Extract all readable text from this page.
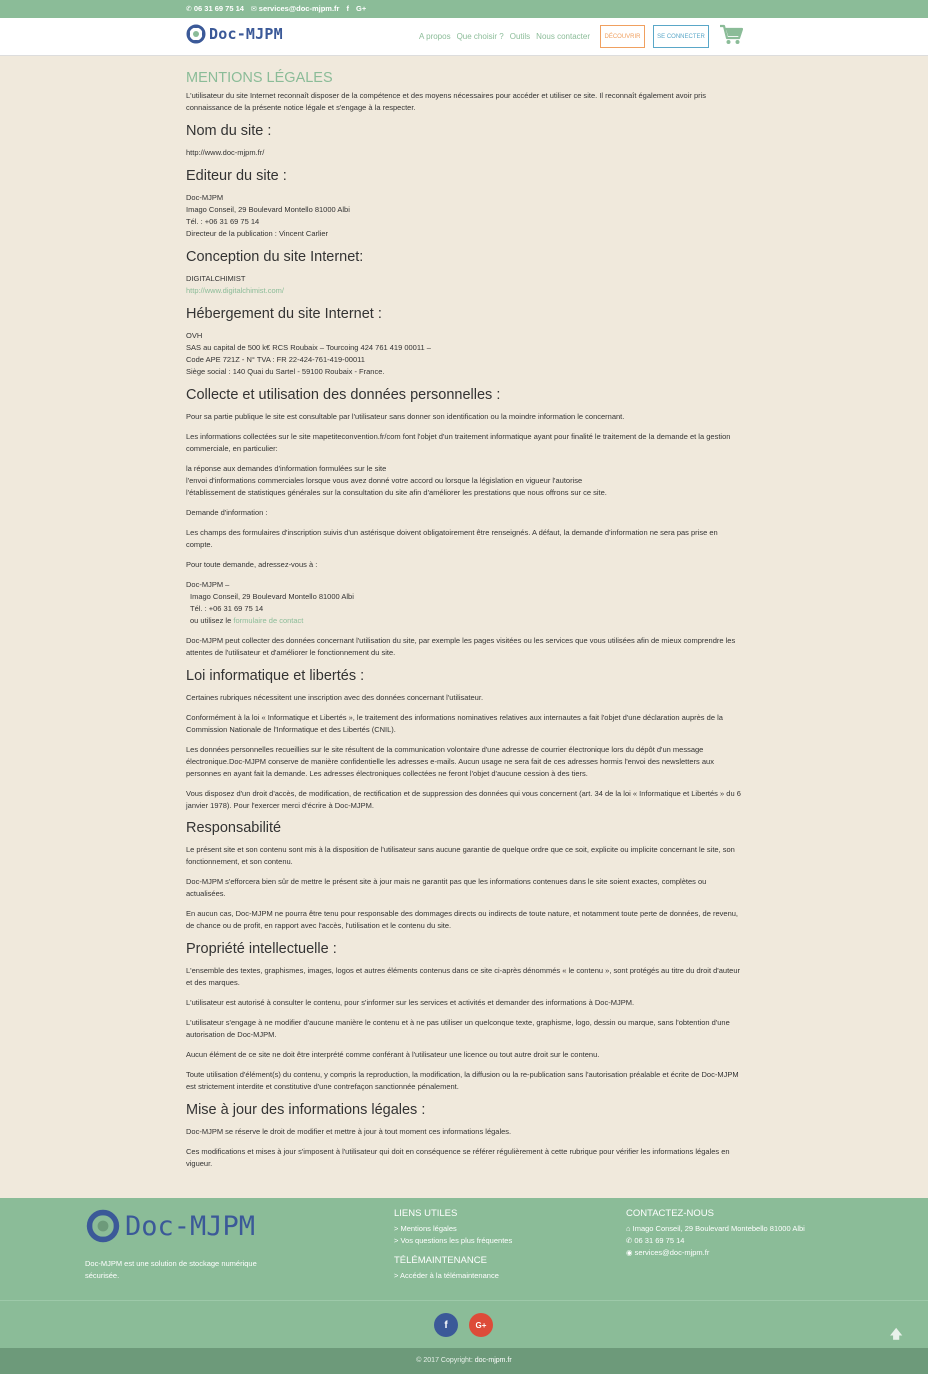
✆ 06 31 69 75 14 ✉ services@doc-mjpm.fr f G+
Doc-MJPM	A propos Que choisir ? Outils Nous contacter	DÉCOUVRIR	SE CONNECTER
MENTIONS LÉGALES

L'utilisateur du site Internet reconnaît disposer de la compétence et des moyens nécessaires pour accéder et utiliser ce site. Il reconnaît également avoir pris connaissance de la présente notice légale et s'engage à la respecter.

Nom du site :

http://www.doc-mjpm.fr/

Editeur du site :
Doc-MJPM
Imago Conseil, 29 Boulevard Montello 81000 Albi
Tél. : +06 31 69 75 14
Directeur de la publication : Vincent Carlier
Conception du site Internet:
DIGITALCHIMIST
http://www.digitalchimist.com/
Hébergement du site Internet :
OVH
SAS au capital de 500 k€ RCS Roubaix – Tourcoing 424 761 419 00011 –
Code APE 721Z - N° TVA : FR 22-424-761-419-00011
Siège social : 140 Quai du Sartel - 59100 Roubaix - France.
Collecte et utilisation des données personnelles :

Pour sa partie publique le site est consultable par l'utilisateur sans donner son identification ou la moindre information le concernant.

Les informations collectées sur le site mapetiteconvention.fr/com font l'objet d'un traitement informatique ayant pour finalité le traitement de la demande et la gestion commerciale, en particulier:

la réponse aux demandes d'information formulées sur le site
l'envoi d'informations commerciales lorsque vous avez donné votre accord ou lorsque la législation en vigueur l'autorise
l'établissement de statistiques générales sur la consultation du site afin d'améliorer les prestations que nous offrons sur ce site.

Demande d'information :

Les champs des formulaires d'inscription suivis d'un astérisque doivent obligatoirement être renseignés. A défaut, la demande d'information ne sera pas prise en compte.

Pour toute demande, adressez-vous à :

Doc-MJPM –
Imago Conseil, 29 Boulevard Montello 81000 Albi
Tél. : +06 31 69 75 14
ou utilisez le formulaire de contact

Doc-MJPM peut collecter des données concernant l'utilisation du site, par exemple les pages visitées ou les services que vous utilisées afin de mieux comprendre les attentes de l'utilisateur et d'améliorer le fonctionnement du site.

Loi informatique et libertés :

Certaines rubriques nécessitent une inscription avec des données concernant l'utilisateur.

Conformément à la loi « Informatique et Libertés », le traitement des informations nominatives relatives aux internautes a fait l'objet d'une déclaration auprès de la Commission Nationale de l'Informatique et des Libertés (CNIL).

Les données personnelles recueillies sur le site résultent de la communication volontaire d'une adresse de courrier électronique lors du dépôt d'un message électronique.Doc-MJPM conserve de manière confidentielle les adresses e-mails. Aucun usage ne sera fait de ces adresses hormis l'envoi des newsletters aux personnes en ayant fait la demande. Les adresses électroniques collectées ne feront l'objet d'aucune cession à des tiers.

Vous disposez d'un droit d'accès, de modification, de rectification et de suppression des données qui vous concernent (art. 34 de la loi « Informatique et Libertés » du 6 janvier 1978). Pour l'exercer merci d'écrire à Doc-MJPM.

Responsabilité

Le présent site et son contenu sont mis à la disposition de l'utilisateur sans aucune garantie de quelque ordre que ce soit, explicite ou implicite concernant le site, son fonctionnement, et son contenu.

Doc-MJPM s'efforcera bien sûr de mettre le présent site à jour mais ne garantit pas que les informations contenues dans le site soient exactes, complètes ou actualisées.

En aucun cas, Doc-MJPM ne pourra être tenu pour responsable des dommages directs ou indirects de toute nature, et notamment toute perte de données, de revenu, de chance ou de profit, en rapport avec l'accès, l'utilisation et le contenu du site.

Propriété intellectuelle :

L'ensemble des textes, graphismes, images, logos et autres éléments contenus dans ce site ci-après dénommés « le contenu », sont protégés au titre du droit d'auteur et des marques.

L'utilisateur est autorisé à consulter le contenu, pour s'informer sur les services et activités et demander des informations à Doc-MJPM.

L'utilisateur s'engage à ne modifier d'aucune manière le contenu et à ne pas utiliser un quelconque texte, graphisme, logo, dessin ou marque, sans l'obtention d'une autorisation de Doc-MJPM.

Aucun élément de ce site ne doit être interprété comme conférant à l'utilisateur une licence ou tout autre droit sur le contenu.

Toute utilisation d'élément(s) du contenu, y compris la reproduction, la modification, la diffusion ou la re-publication sans l'autorisation préalable et écrite de Doc-MJPM est strictement interdite et constitutive d'une contrefaçon sanctionnée pénalement.

Mise à jour des informations légales :

Doc-MJPM se réserve le droit de modifier et mettre à jour à tout moment ces informations légales.

Ces modifications et mises à jour s'imposent à l'utilisateur qui doit en conséquence se référer régulièrement à cette rubrique pour vérifier les informations légales en vigueur.

Doc-MJPM
Doc-MJPM est une solution de stockage numérique sécurisée.
LIENS UTILES
> Mentions légales
> Vos questions les plus fréquentes
TÉLÉMAINTENANCE
> Accéder à la télémaintenance
CONTACTEZ-NOUS
⌂ Imago Conseil, 29 Boulevard Montebello 81000 Albi
✆ 06 31 69 75 14
◉ services@doc-mjpm.fr
f	G+
🡅
© 2017 Copyright: doc-mjpm.fr
